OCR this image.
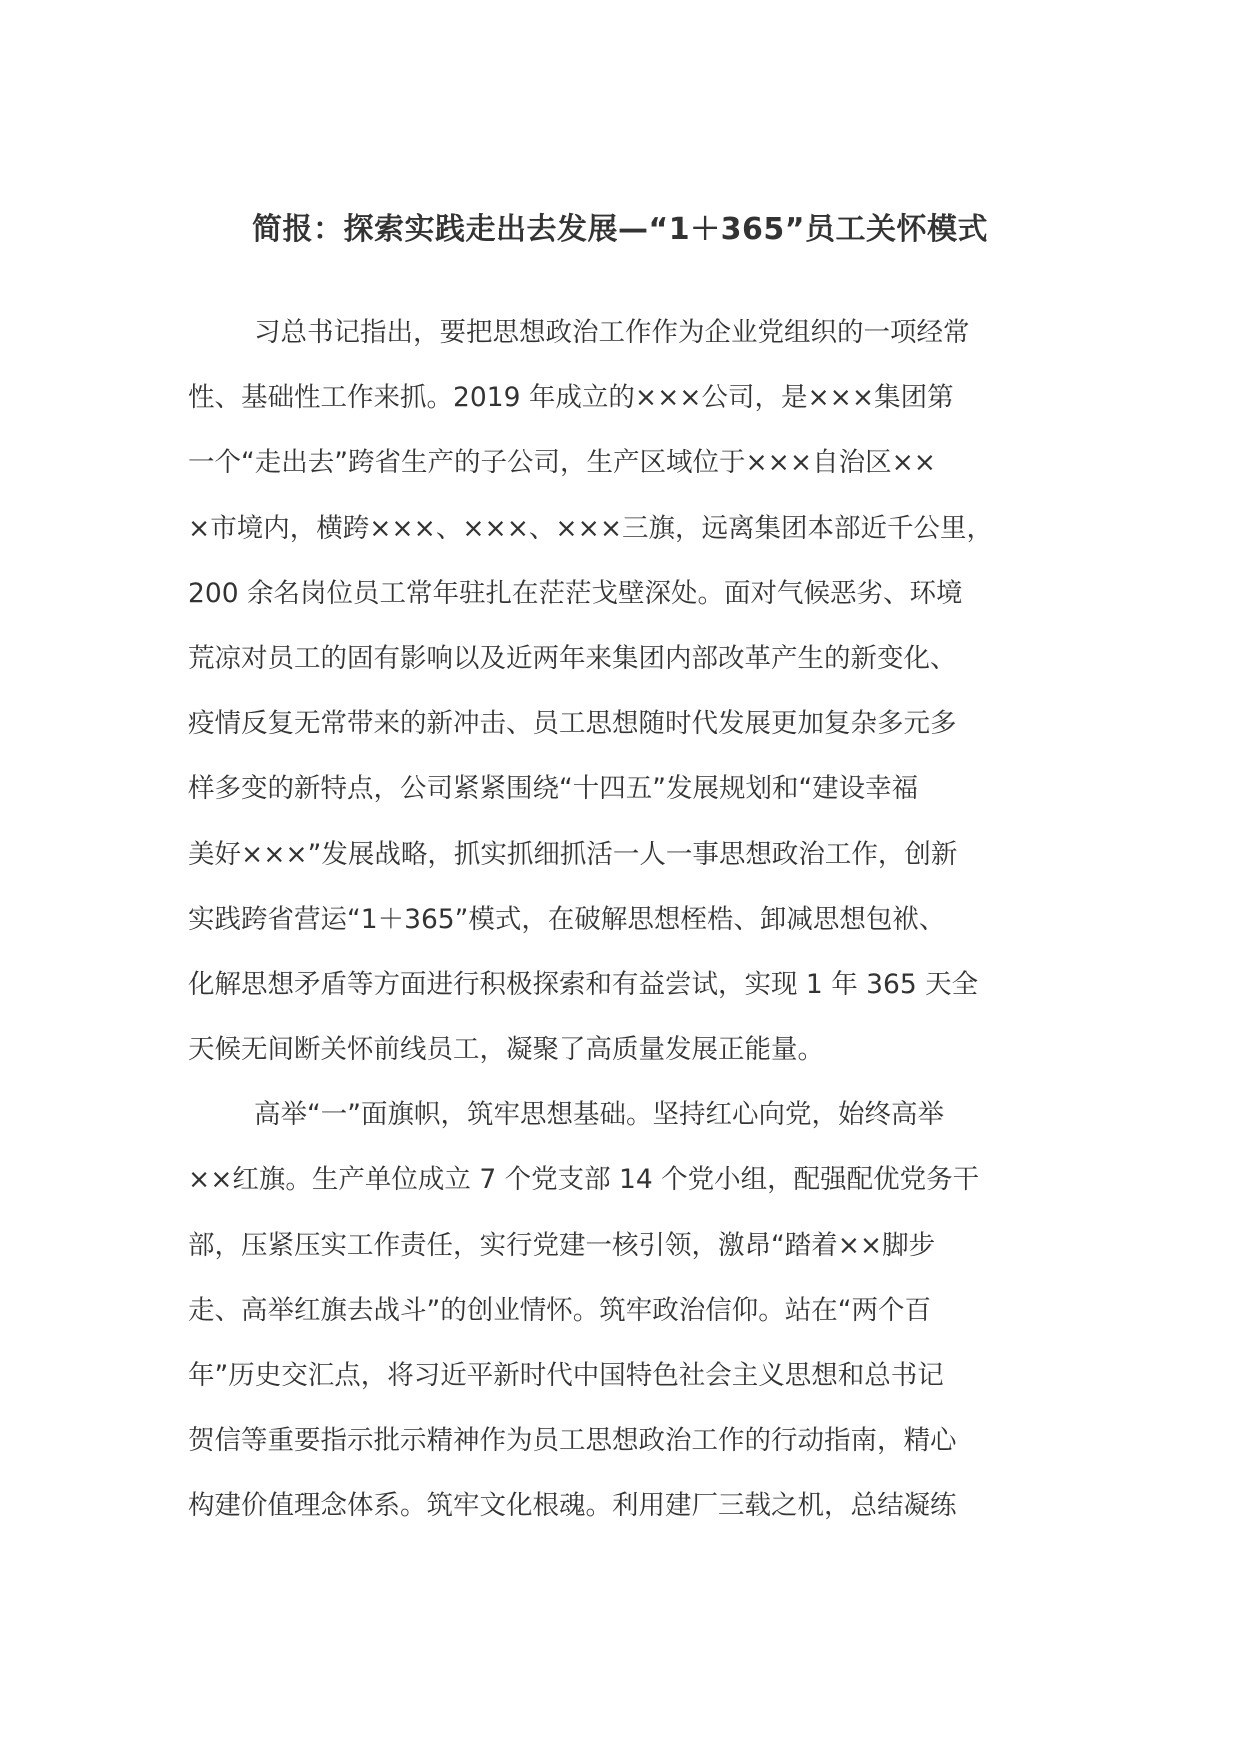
简报：探索实践走出去发展—“1＋365”员工关怀模式
习总书记指出，要把思想政治工作作为企业党组织的一项经常
性、基础性工作来抓。2019 年成立的×××公司，是×××集团第
一个“走出去”跨省生产的子公司，生产区域位于×××自治区××
×市境内，横跨×××、×××、×××三旗，远离集团本部近千公里，
200 余名岗位员工常年驻扎在茫茫戈壁深处。面对气候恶劣、环境
荒凉对员工的固有影响以及近两年来集团内部改革产生的新变化、
疫情反复无常带来的新冲击、员工思想随时代发展更加复杂多元多
样多变的新特点，公司紧紧围绕“十四五”发展规划和“建设幸福
美好×××”发展战略，抓实抓细抓活一人一事思想政治工作，创新
实践跨省营运“1＋365”模式，在破解思想桎梏、卸减思想包袱、
化解思想矛盾等方面进行积极探索和有益尝试，实现 1 年 365 天全
天候无间断关怀前线员工，凝聚了高质量发展正能量。
高举“一”面旗帜，筑牢思想基础。坚持红心向党，始终高举
××红旗。生产单位成立 7 个党支部 14 个党小组，配强配优党务干
部，压紧压实工作责任，实行党建一核引领，激昂“踏着××脚步
走、高举红旗去战斗”的创业情怀。筑牢政治信仰。站在“两个百
年”历史交汇点，将习近平新时代中国特色社会主义思想和总书记
贺信等重要指示批示精神作为员工思想政治工作的行动指南，精心
构建价值理念体系。筑牢文化根魂。利用建厂三载之机，总结凝练
